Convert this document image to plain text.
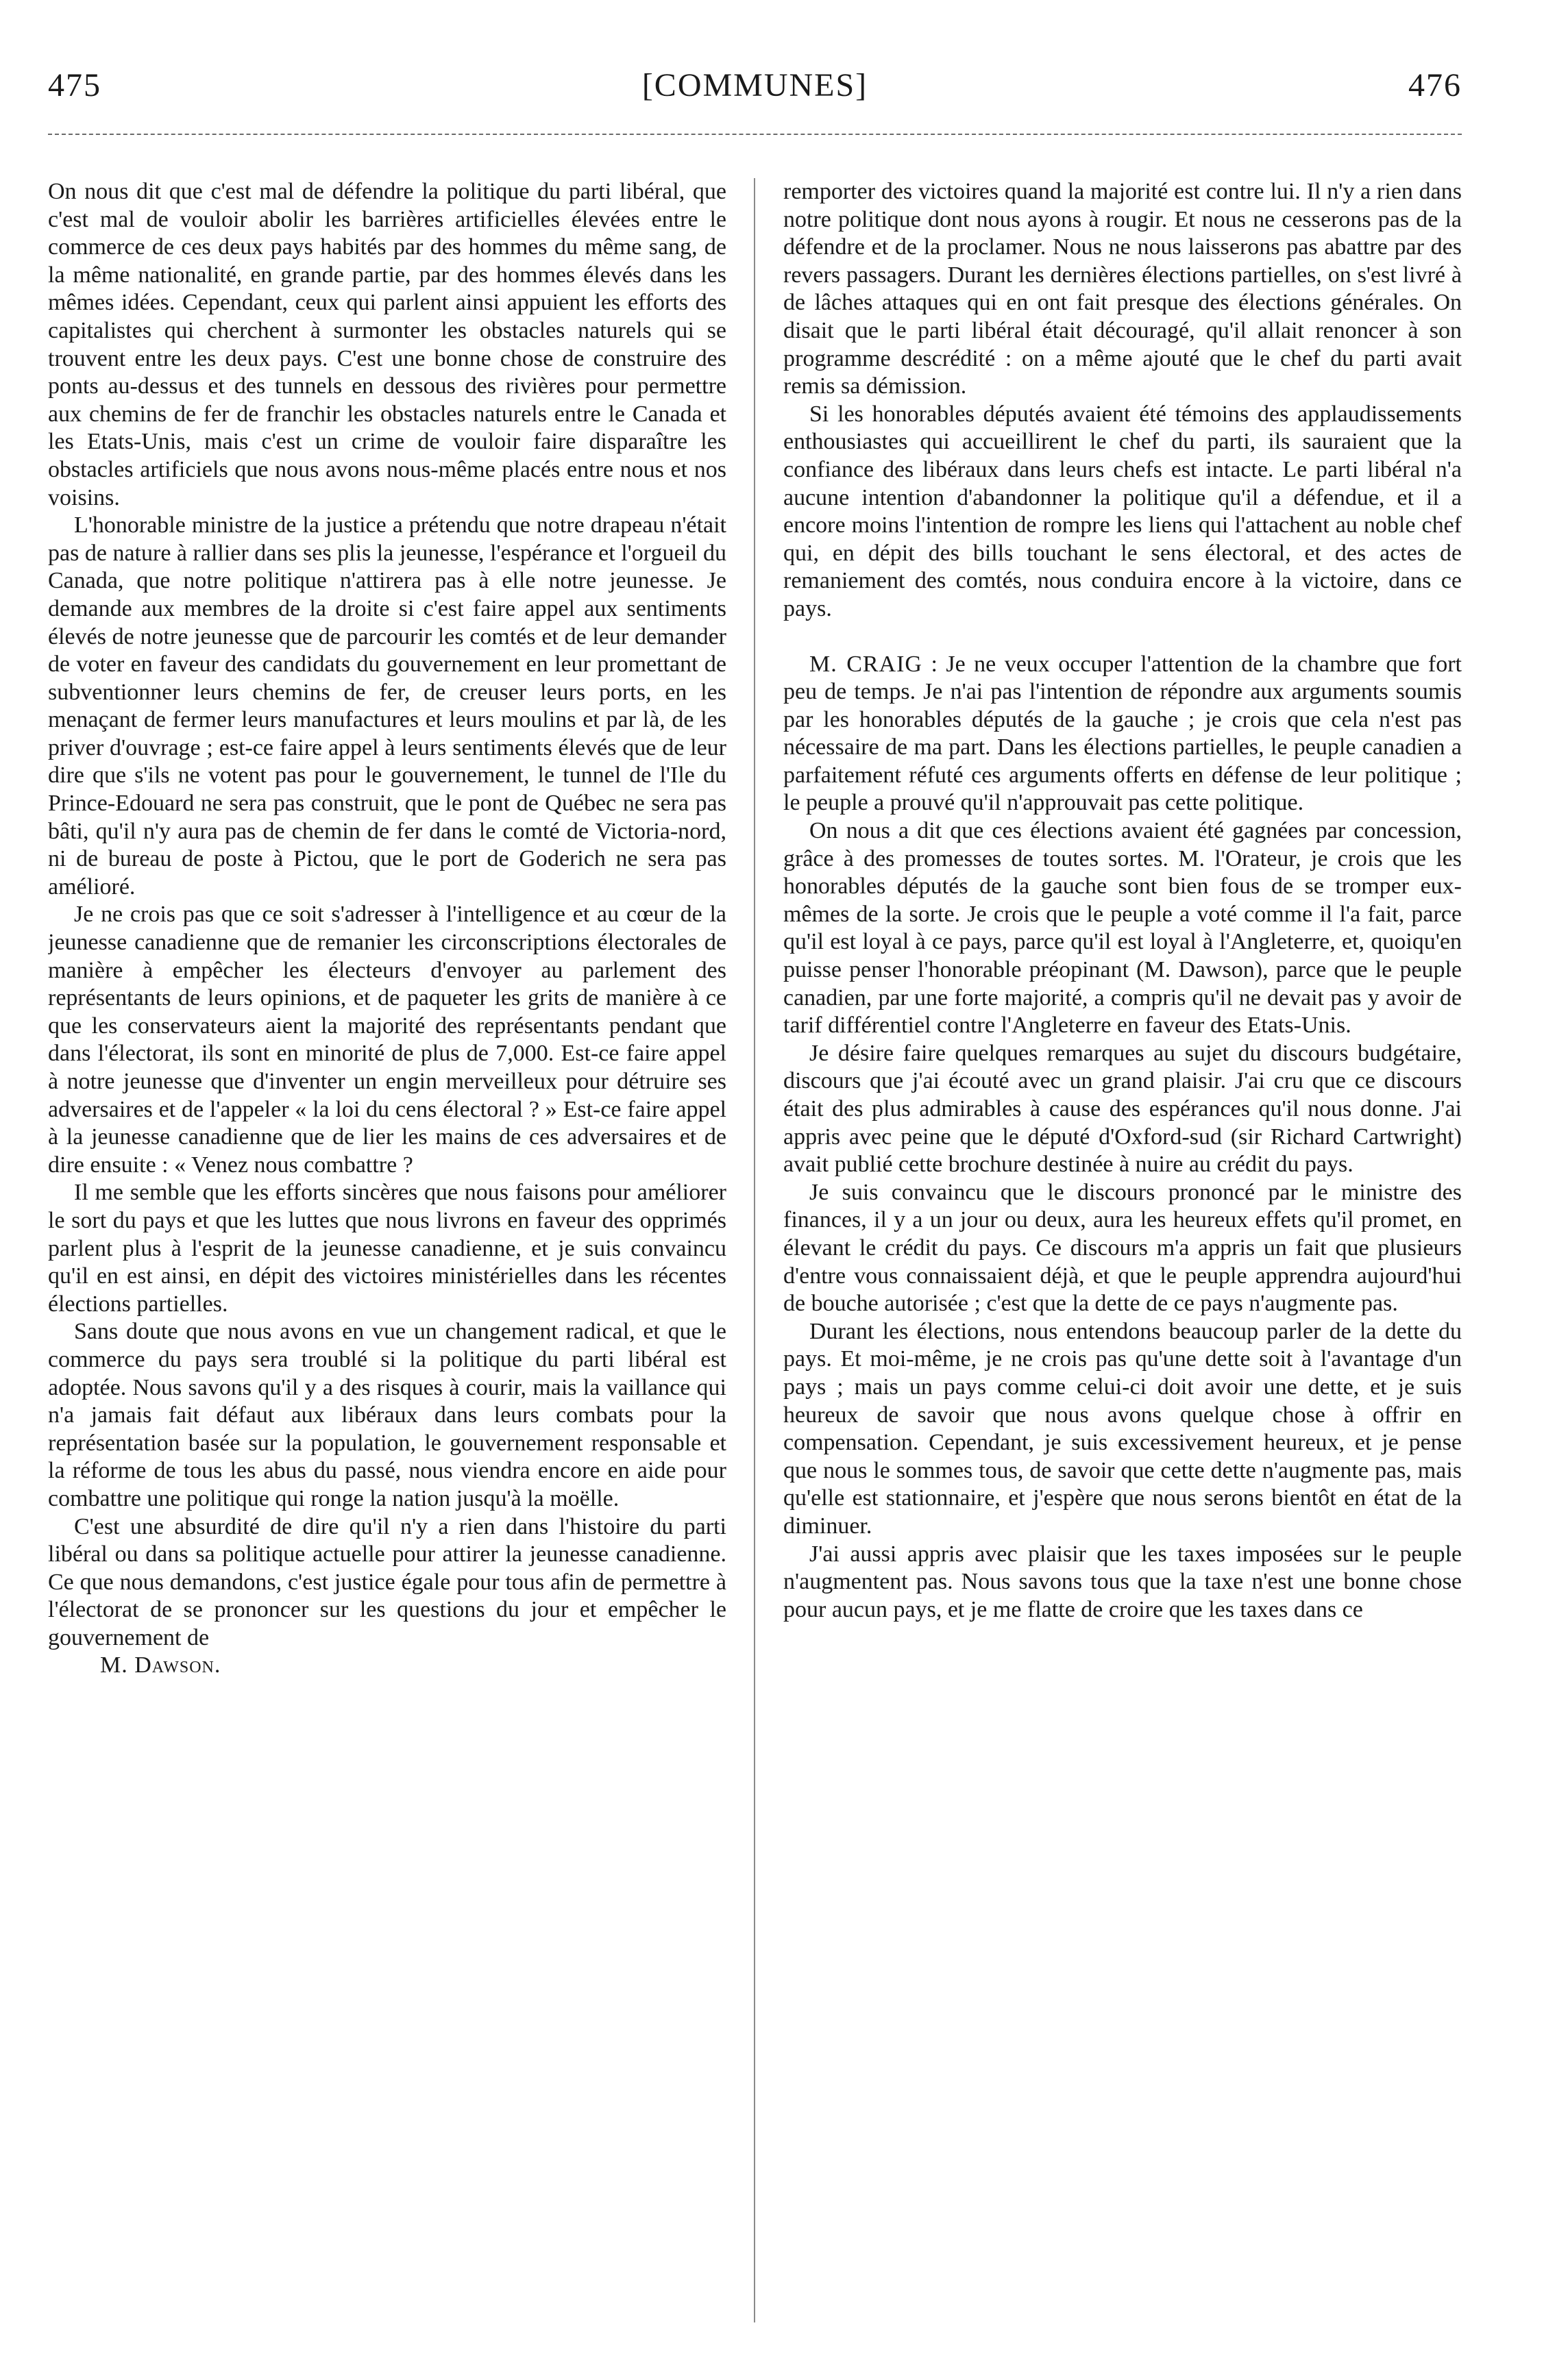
475	[COMMUNES]	476

On nous dit que c'est mal de défendre la politique du parti libéral, que c'est mal de vouloir abolir les barrières artificielles élevées entre le commerce de ces deux pays habités par des hommes du même sang, de la même nationalité, en grande partie, par des hommes élevés dans les mêmes idées. Cependant, ceux qui parlent ainsi appuient les efforts des capitalistes qui cherchent à surmonter les obstacles naturels qui se trouvent entre les deux pays. C'est une bonne chose de construire des ponts au-dessus et des tunnels en dessous des rivières pour permettre aux chemins de fer de franchir les obstacles naturels entre le Canada et les Etats-Unis, mais c'est un crime de vouloir faire disparaître les obstacles artificiels que nous avons nous-même placés entre nous et nos voisins.

L'honorable ministre de la justice a prétendu que notre drapeau n'était pas de nature à rallier dans ses plis la jeunesse, l'espérance et l'orgueil du Canada, que notre politique n'attirera pas à elle notre jeunesse. Je demande aux membres de la droite si c'est faire appel aux sentiments élevés de notre jeunesse que de parcourir les comtés et de leur demander de voter en faveur des candidats du gouvernement en leur promettant de subventionner leurs chemins de fer, de creuser leurs ports, en les menaçant de fermer leurs manufactures et leurs moulins et par là, de les priver d'ouvrage ; est-ce faire appel à leurs sentiments élevés que de leur dire que s'ils ne votent pas pour le gouvernement, le tunnel de l'Ile du Prince-Edouard ne sera pas construit, que le pont de Québec ne sera pas bâti, qu'il n'y aura pas de chemin de fer dans le comté de Victoria-nord, ni de bureau de poste à Pictou, que le port de Goderich ne sera pas amélioré.

Je ne crois pas que ce soit s'adresser à l'intelligence et au cœur de la jeunesse canadienne que de remanier les circonscriptions électorales de manière à empêcher les électeurs d'envoyer au parlement des représentants de leurs opinions, et de paqueter les grits de manière à ce que les conservateurs aient la majorité des représentants pendant que dans l'électorat, ils sont en minorité de plus de 7,000. Est-ce faire appel à notre jeunesse que d'inventer un engin merveilleux pour détruire ses adversaires et de l'appeler « la loi du cens électoral ? » Est-ce faire appel à la jeunesse canadienne que de lier les mains de ces adversaires et de dire ensuite : « Venez nous combattre ?

Il me semble que les efforts sincères que nous faisons pour améliorer le sort du pays et que les luttes que nous livrons en faveur des opprimés parlent plus à l'esprit de la jeunesse canadienne, et je suis convaincu qu'il en est ainsi, en dépit des victoires ministérielles dans les récentes élections partielles.

Sans doute que nous avons en vue un changement radical, et que le commerce du pays sera troublé si la politique du parti libéral est adoptée. Nous savons qu'il y a des risques à courir, mais la vaillance qui n'a jamais fait défaut aux libéraux dans leurs combats pour la représentation basée sur la population, le gouvernement responsable et la réforme de tous les abus du passé, nous viendra encore en aide pour combattre une politique qui ronge la nation jusqu'à la moëlle.

C'est une absurdité de dire qu'il n'y a rien dans l'histoire du parti libéral ou dans sa politique actuelle pour attirer la jeunesse canadienne. Ce que nous demandons, c'est justice égale pour tous afin de permettre à l'électorat de se prononcer sur les questions du jour et empêcher le gouvernement de

M. Dawson.

remporter des victoires quand la majorité est contre lui. Il n'y a rien dans notre politique dont nous ayons à rougir. Et nous ne cesserons pas de la défendre et de la proclamer. Nous ne nous laisserons pas abattre par des revers passagers. Durant les dernières élections partielles, on s'est livré à de lâches attaques qui en ont fait presque des élections générales. On disait que le parti libéral était découragé, qu'il allait renoncer à son programme descrédité : on a même ajouté que le chef du parti avait remis sa démission.

Si les honorables députés avaient été témoins des applaudissements enthousiastes qui accueillirent le chef du parti, ils sauraient que la confiance des libéraux dans leurs chefs est intacte. Le parti libéral n'a aucune intention d'abandonner la politique qu'il a défendue, et il a encore moins l'intention de rompre les liens qui l'attachent au noble chef qui, en dépit des bills touchant le sens électoral, et des actes de remaniement des comtés, nous conduira encore à la victoire, dans ce pays.

M. CRAIG : Je ne veux occuper l'attention de la chambre que fort peu de temps. Je n'ai pas l'intention de répondre aux arguments soumis par les honorables députés de la gauche ; je crois que cela n'est pas nécessaire de ma part. Dans les élections partielles, le peuple canadien a parfaitement réfuté ces arguments offerts en défense de leur politique ; le peuple a prouvé qu'il n'approuvait pas cette politique.

On nous a dit que ces élections avaient été gagnées par concession, grâce à des promesses de toutes sortes. M. l'Orateur, je crois que les honorables députés de la gauche sont bien fous de se tromper eux-mêmes de la sorte. Je crois que le peuple a voté comme il l'a fait, parce qu'il est loyal à ce pays, parce qu'il est loyal à l'Angleterre, et, quoiqu'en puisse penser l'honorable préopinant (M. Dawson), parce que le peuple canadien, par une forte majorité, a compris qu'il ne devait pas y avoir de tarif différentiel contre l'Angleterre en faveur des Etats-Unis.

Je désire faire quelques remarques au sujet du discours budgétaire, discours que j'ai écouté avec un grand plaisir. J'ai cru que ce discours était des plus admirables à cause des espérances qu'il nous donne. J'ai appris avec peine que le député d'Oxford-sud (sir Richard Cartwright) avait publié cette brochure destinée à nuire au crédit du pays.

Je suis convaincu que le discours prononcé par le ministre des finances, il y a un jour ou deux, aura les heureux effets qu'il promet, en élevant le crédit du pays. Ce discours m'a appris un fait que plusieurs d'entre vous connaissaient déjà, et que le peuple apprendra aujourd'hui de bouche autorisée ; c'est que la dette de ce pays n'augmente pas.

Durant les élections, nous entendons beaucoup parler de la dette du pays. Et moi-même, je ne crois pas qu'une dette soit à l'avantage d'un pays ; mais un pays comme celui-ci doit avoir une dette, et je suis heureux de savoir que nous avons quelque chose à offrir en compensation. Cependant, je suis excessivement heureux, et je pense que nous le sommes tous, de savoir que cette dette n'augmente pas, mais qu'elle est stationnaire, et j'espère que nous serons bientôt en état de la diminuer.

J'ai aussi appris avec plaisir que les taxes imposées sur le peuple n'augmentent pas. Nous savons tous que la taxe n'est une bonne chose pour aucun pays, et je me flatte de croire que les taxes dans ce
